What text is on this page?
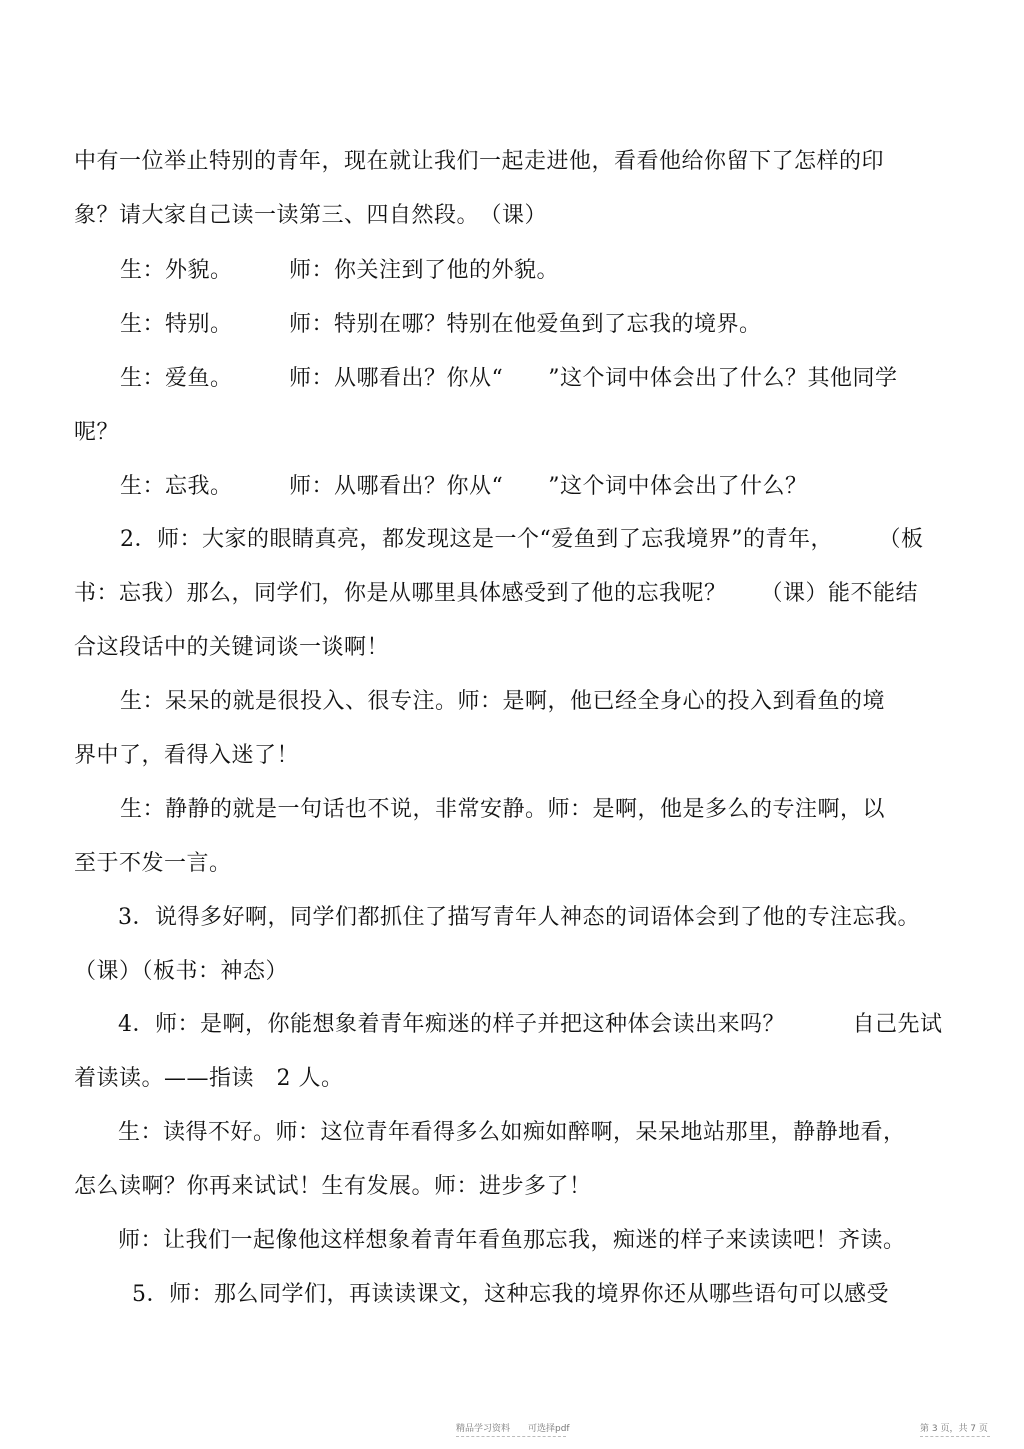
中有一位举止特别的青年，现在就让我们一起走进他，看看他给你留下了怎样的印
象？请大家自己读一读第三、四自然段。　（课）
生：外貌。　　　师：你关注到了他的外貌。
生：特别。　　　师：特别在哪？特别在他爱鱼到了忘我的境界。
生：爱鱼。　　　师：从哪看出？你从“　　”这个词中体会出了什么？其他同学
呢？
生：忘我。　　　师：从哪看出？你从“　　”这个词中体会出了什么？
2．师：大家的眼睛真亮，都发现这是一个“爱鱼到了忘我境界”的青年，　　　（板
书：忘我）那么，同学们，你是从哪里具体感受到了他的忘我呢？　　（课）能不能结
合这段话中的关键词谈一谈啊！
生：呆呆的就是很投入、很专注。师：是啊，他已经全身心的投入到看鱼的境
界中了，看得入迷了！
生：静静的就是一句话也不说，非常安静。师：是啊，他是多么的专注啊，以
至于不发一言。
3．说得多好啊，同学们都抓住了描写青年人神态的词语体会到了他的专注忘我。
（课）（板书：神态）
4．师：是啊，你能想象着青年痴迷的样子并把这种体会读出来吗？　　　自己先试
着读读。——指读　2 人。
生：读得不好。师：这位青年看得多么如痴如醉啊，呆呆地站那里，静静地看，
怎么读啊？你再来试试！生有发展。师：进步多了！
师：让我们一起像他这样想象着青年看鱼那忘我，痴迷的样子来读读吧！齐读。
5．师：那么同学们，再读读课文，这种忘我的境界你还从哪些语句可以感受
精品学习资料　　可选择pdf	第 3 页，共 7 页
